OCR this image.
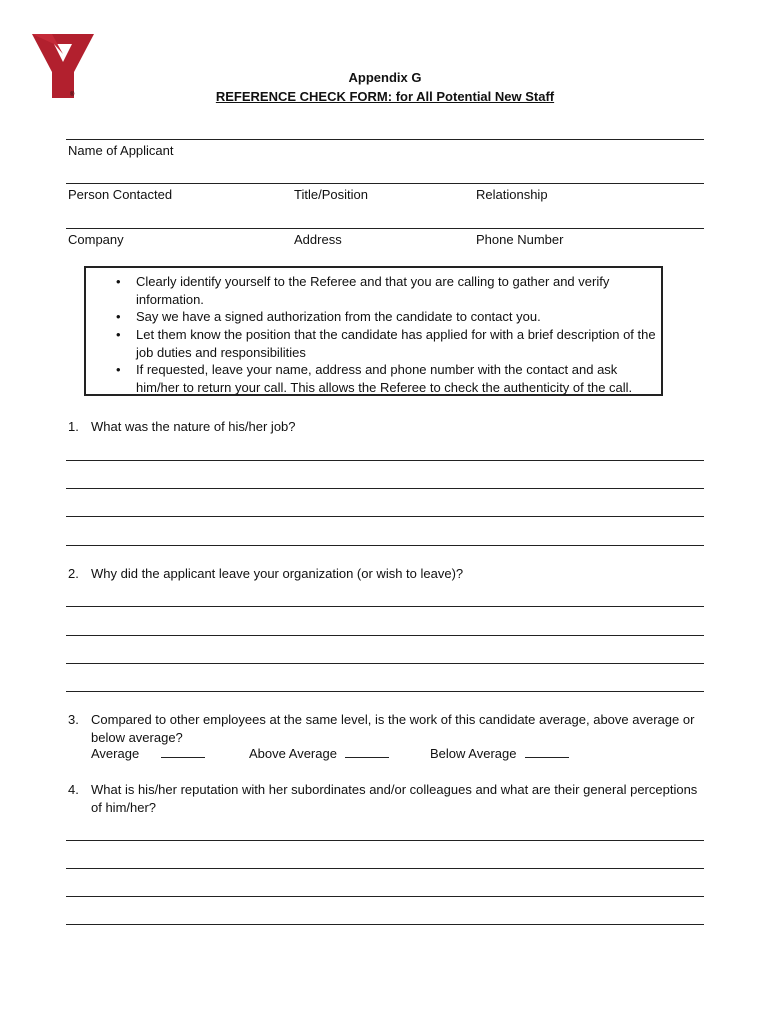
®
Appendix G
REFERENCE CHECK FORM: for All Potential New Staff
Name of Applicant
Person Contacted	Title/Position	Relationship
Company	Address	Phone Number
• Clearly identify yourself to the Referee and that you are calling to gather and verify information.
• Say we have a signed authorization from the candidate to contact you.
• Let them know the position that the candidate has applied for with a brief description of the job duties and responsibilities
• If requested, leave your name, address and phone number with the contact and ask him/her to return your call. This allows the Referee to check the authenticity of the call.
1. What was the nature of his/her job?
2. Why did the applicant leave your organization (or wish to leave)?
3. Compared to other employees at the same level, is the work of this candidate average, above average or below average?
Average	Above Average	Below Average
4. What is his/her reputation with her subordinates and/or colleagues and what are their general perceptions of him/her?
